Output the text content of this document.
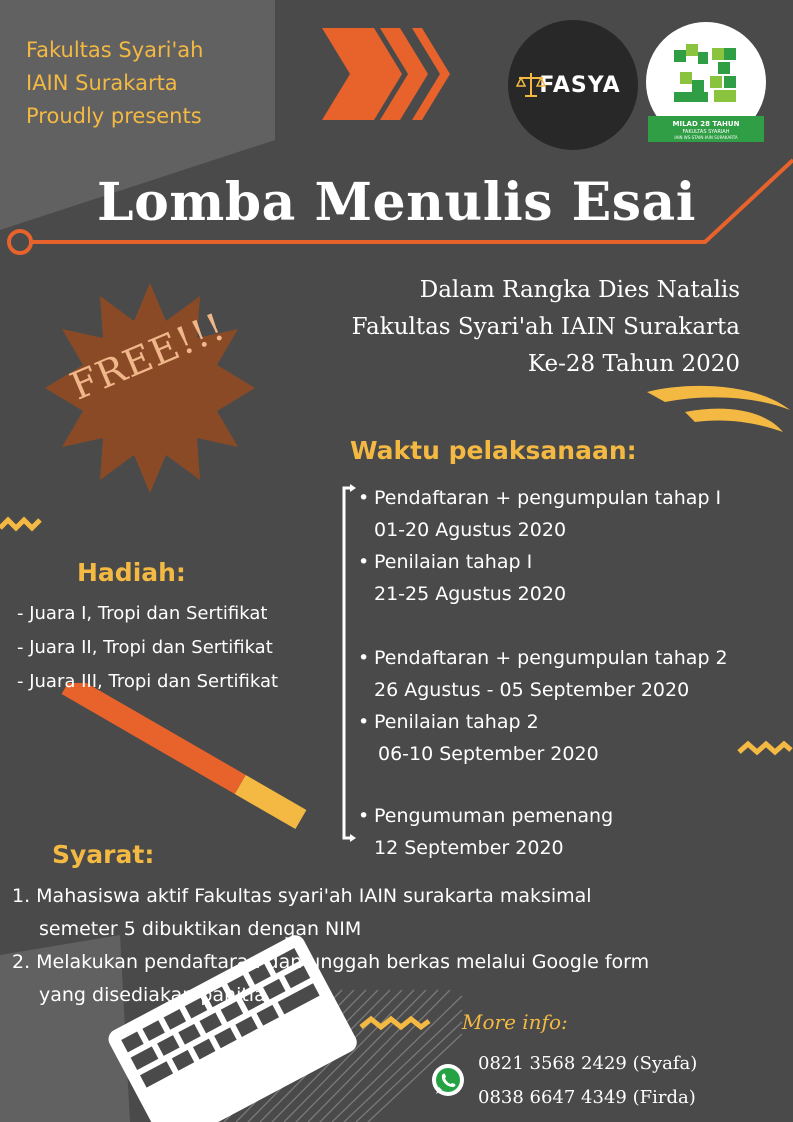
Fakultas Syari'ah
IAIN Surakarta
Proudly presents
FASYA
MILAD 28 TAHUN
FAKULTAS SYARIAH
IAIN WS-STAIN-IAIN SURAKARTA
Lomba Menulis Esai
Dalam Rangka Dies Natalis
Fakultas Syari'ah IAIN Surakarta
Ke-28 Tahun 2020
FREE!!!
Waktu pelaksanaan:
• Pendaftaran + pengumpulan tahap I
01-20 Agustus 2020
• Penilaian tahap I
21-25 Agustus 2020
• Pendaftaran + pengumpulan tahap 2
26 Agustus - 05 September 2020
• Penilaian tahap 2
06-10 September 2020
• Pengumuman pemenang
12 September 2020
Hadiah:
- Juara I, Tropi dan Sertifikat
- Juara II, Tropi dan Sertifikat
- Juara III, Tropi dan Sertifikat
Syarat:
1. Mahasiswa aktif Fakultas syari'ah IAIN surakarta maksimal
semeter 5 dibuktikan dengan NIM
2. Melakukan pendaftaran dan unggah berkas melalui Google form
yang disediakan panitia
More info:
0821 3568 2429 (Syafa)
0838 6647 4349 (Firda)
